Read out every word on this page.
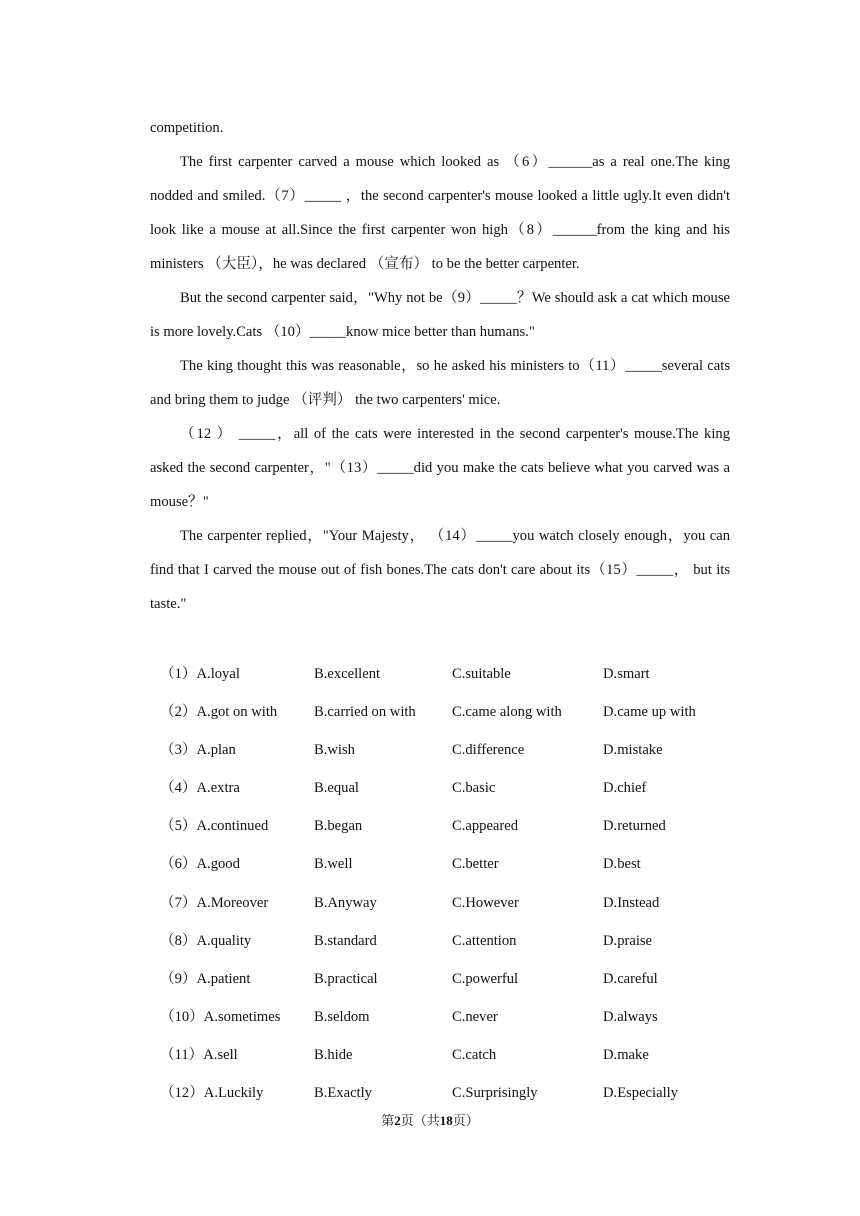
competition.

The first carpenter carved a mouse which looked as （6）______as a real one.The king nodded and smiled.（7）_____ ，the second carpenter's mouse looked a little ugly.It even didn't look like a mouse at all.Since the first carpenter won high（8）______from the king and his ministers （大臣），he was declared （宣布） to be the better carpenter.

But the second carpenter said，"Why not be（9）_____？We should ask a cat which mouse is more lovely.Cats （10）_____know mice better than humans."

The king thought this was reasonable，so he asked his ministers to（11）_____several cats and bring them to judge （评判） the two carpenters' mice.

（12 ） _____，all of the cats were interested in the second carpenter's mouse.The king asked the second carpenter，"（13）_____did you make the cats believe what you carved was a mouse？"

The carpenter replied，"Your Majesty， （14）_____you watch closely enough，you can find that I carved the mouse out of fish bones.The cats don't care about its（15）_____， but its taste."

（1）A.loyal	B.excellent	C.suitable	D.smart
（2）A.got on with	B.carried on with	C.came along with	D.came up with
（3）A.plan	B.wish	C.difference	D.mistake
（4）A.extra	B.equal	C.basic	D.chief
（5）A.continued	B.began	C.appeared	D.returned
（6）A.good	B.well	C.better	D.best
（7）A.Moreover	B.Anyway	C.However	D.Instead
（8）A.quality	B.standard	C.attention	D.praise
（9）A.patient	B.practical	C.powerful	D.careful
（10）A.sometimes	B.seldom	C.never	D.always
（11）A.sell	B.hide	C.catch	D.make
（12）A.Luckily	B.Exactly	C.Surprisingly	D.Especially
第2页（共18页）
